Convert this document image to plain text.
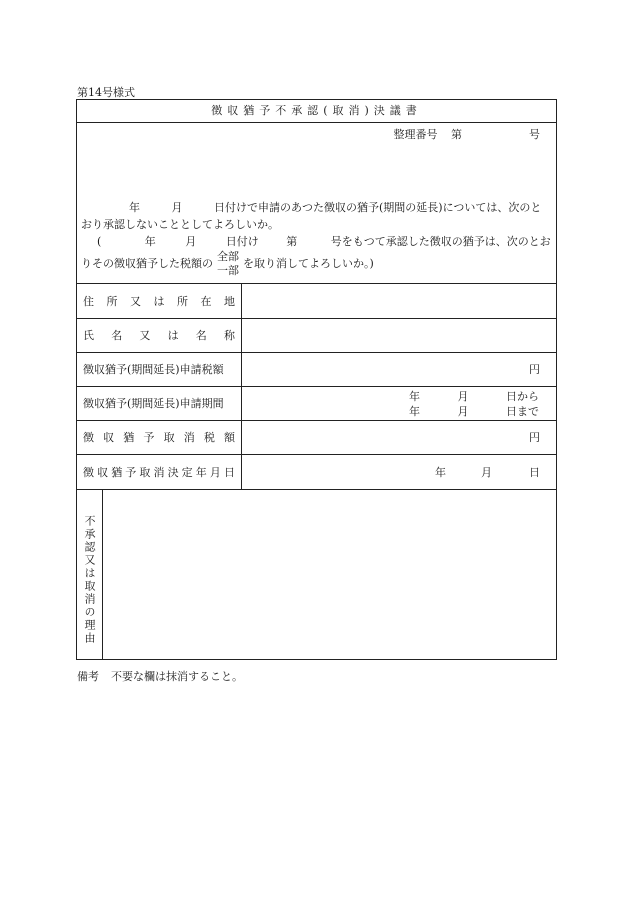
第14号様式
徴収猶予不承認(取消)決議書
整理番号 第	号
年	月	日付けで申請のあつた徴収の猶予(期間の延長)については、次のと
おり承認しないこととしてよろしいか。
(	年	月	日付け	第	号をもつて承認した徴収の猶予は、次のとお
りその徴収猶予した税額の
全部
一部
を取り消してよろしいか。)
住 所 又 は 所 在 地
氏 名 又 は 名 称
徴収猶予(期間延長)申請税額	円
徴収猶予(期間延長)申請期間
年	月	日から
年	月	日まで
徴 収 猶 予 取 消 税 額	円
徴 収 猶 予 取 消 決 定 年 月 日	年	月	日
不承認又は取消の理由
備考 不要な欄は抹消すること。
